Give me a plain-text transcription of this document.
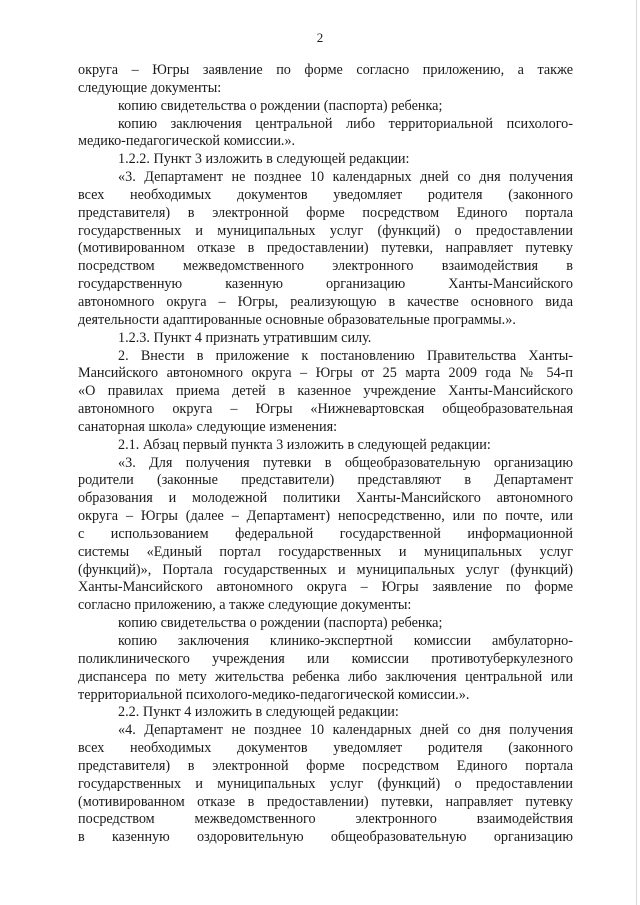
2

округа – Югры заявление по форме согласно приложению, а также

следующие документы:

копию свидетельства о рождении (паспорта) ребенка;

копию заключения центральной либо территориальной психолого-

медико-педагогической комиссии.».

1.2.2. Пункт 3 изложить в следующей редакции:

«3. Департамент не позднее 10 календарных дней со дня получения

всех необходимых документов уведомляет родителя (законного

представителя) в электронной форме посредством Единого портала

государственных и муниципальных услуг (функций) о предоставлении

(мотивированном отказе в предоставлении) путевки, направляет путевку

посредством межведомственного электронного взаимодействия в

государственную казенную организацию Ханты-Мансийского

автономного округа – Югры, реализующую в качестве основного вида

деятельности адаптированные основные образовательные программы.».

1.2.3. Пункт 4 признать утратившим силу.

2. Внести в приложение к постановлению Правительства Ханты-

Мансийского автономного округа – Югры от 25 марта 2009 года № 54-п

«О правилах приема детей в казенное учреждение Ханты-Мансийского

автономного округа – Югры «Нижневартовская общеобразовательная

санаторная школа» следующие изменения:

2.1. Абзац первый пункта 3 изложить в следующей редакции:

«3. Для получения путевки в общеобразовательную организацию

родители (законные представители) представляют в Департамент

образования и молодежной политики Ханты-Мансийского автономного

округа – Югры (далее – Департамент) непосредственно, или по почте, или

с использованием федеральной государственной информационной

системы «Единый портал государственных и муниципальных услуг

(функций)», Портала государственных и муниципальных услуг (функций)

Ханты-Мансийского автономного округа – Югры заявление по форме

согласно приложению, а также следующие документы:

копию свидетельства о рождении (паспорта) ребенка;

копию заключения клинико-экспертной комиссии амбулаторно-

поликлинического учреждения или комиссии противотуберкулезного

диспансера по мету жительства ребенка либо заключения центральной или

территориальной психолого-медико-педагогической комиссии.».

2.2. Пункт 4 изложить в следующей редакции:

«4. Департамент не позднее 10 календарных дней со дня получения

всех необходимых документов уведомляет родителя (законного

представителя) в электронной форме посредством Единого портала

государственных и муниципальных услуг (функций) о предоставлении

(мотивированном отказе в предоставлении) путевки, направляет путевку

посредством межведомственного электронного взаимодействия

в казенную оздоровительную общеобразовательную организацию
